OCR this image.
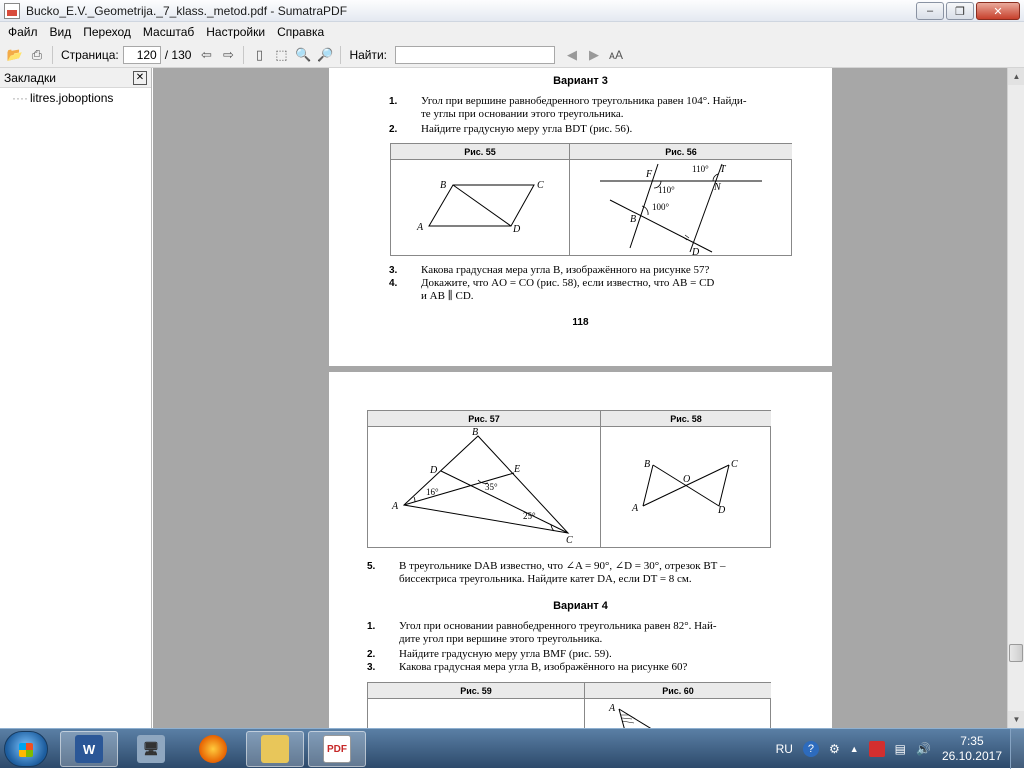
Bucko_E.V._Geometrija._7_klass._metod.pdf - SumatraPDF	–	❐	✕
Файл	Вид	Переход	Масштаб	Настройки	Справка
📂 ⎙	Страница:	120 / 130 ⇦ ⇨	▯ ⬚ 🔍 🔎 Найти:	◀ ▶ ᴀA
Закладки	✕
···· litres.joboptions
Вариант 3
1. Угол при вершине равнобедренного треугольника равен 104°. Найди-
те углы при основании этого треугольника.
2. Найдите градусную меру угла BDT (рис. 56).
Рис. 55
B	C
A	D
Рис. 56
F	T
N
B
D
110°
110°
100°
3. Какова градусная мера угла B, изображённого на рисунке 57?
4. Докажите, что AO = CO (рис. 58), если известно, что AB = CD
и AB ∥ CD.
118
Рис. 57
A
B
C
D	E
16°	35°
25°
Рис. 58
B	C
A	D
O
5. В треугольнике DAB известно, что ∠A = 90°, ∠D = 30°, отрезок BT –
биссектриса треугольника. Найдите катет DA, если DT = 8 см.
Вариант 4
1. Угол при основании равнобедренного треугольника равен 82°. Най-
дите угол при вершине этого треугольника.
2. Найдите градусную меру угла BMF (рис. 59).
3. Какова градусная мера угла B, изображённого на рисунке 60?
Рис. 59	Рис. 60
A
▲
▼
W	🖥	PDF	RU	?	⚙ ▲	▤ 🔊
7:35
26.10.2017
